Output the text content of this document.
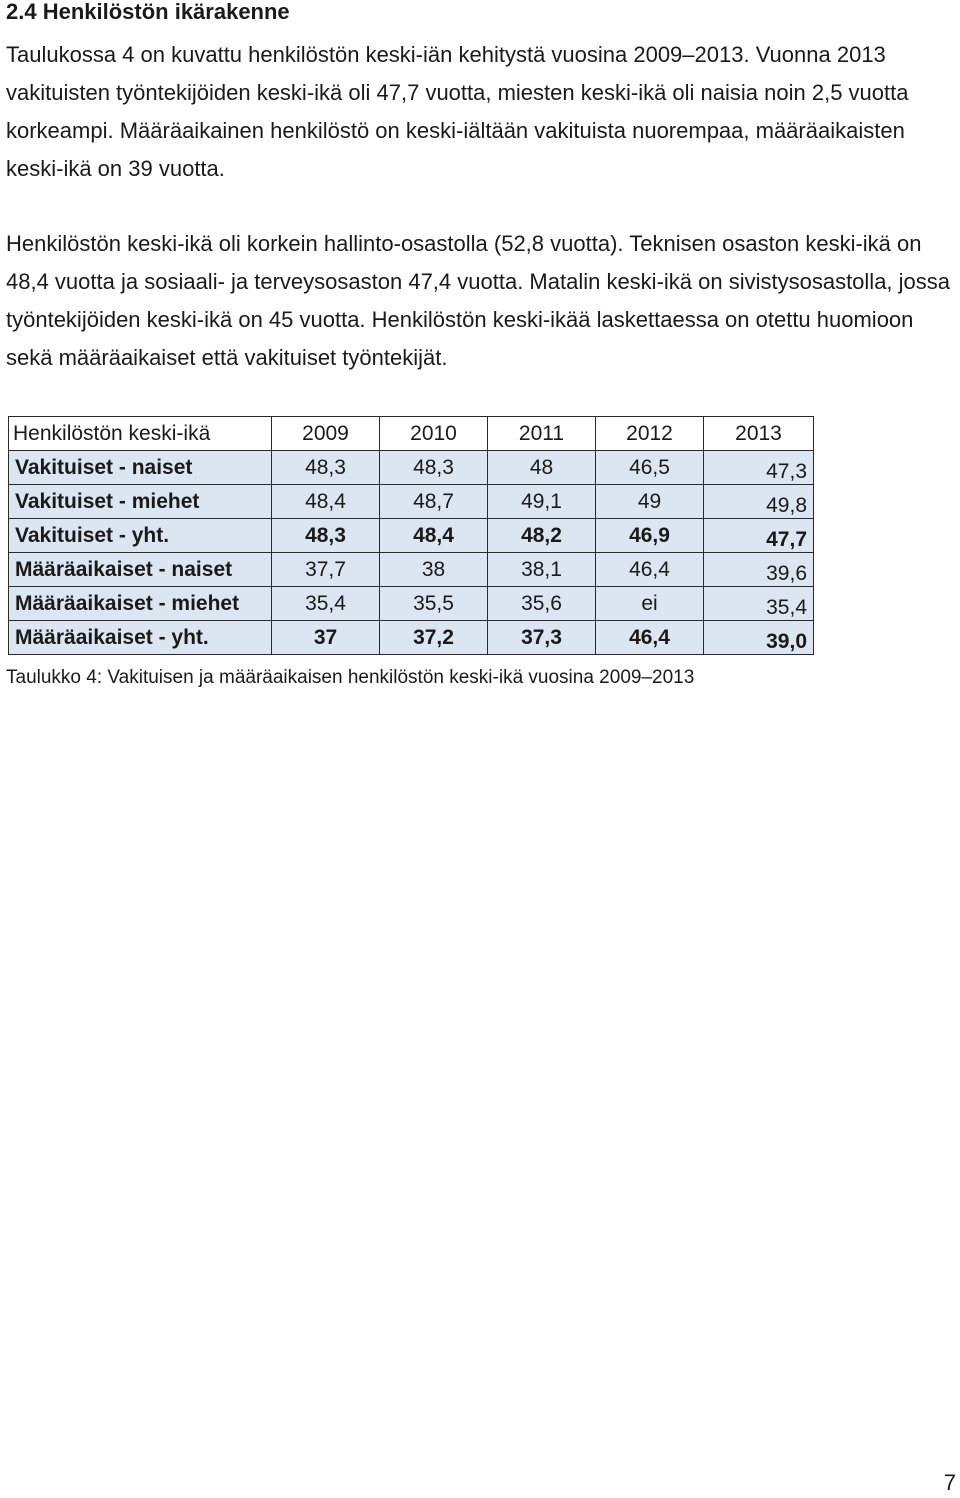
2.4 Henkilöstön ikärakenne

Taulukossa 4 on kuvattu henkilöstön keski-iän kehitystä vuosina 2009–2013. Vuonna 2013 vakituisten työntekijöiden keski-ikä oli 47,7 vuotta, miesten keski-ikä oli naisia noin 2,5 vuotta korkeampi. Määräaikainen henkilöstö on keski-iältään vakituista nuorempaa, määräaikaisten keski-ikä on 39 vuotta.

Henkilöstön keski-ikä oli korkein hallinto-osastolla (52,8 vuotta). Teknisen osaston keski-ikä on 48,4 vuotta ja sosiaali- ja terveysosaston 47,4 vuotta. Matalin keski-ikä on sivistysosastolla, jossa työntekijöiden keski-ikä on 45 vuotta. Henkilöstön keski-ikää laskettaessa on otettu huomioon sekä määräaikaiset että vakituiset työntekijät.

Henkilöstön keski-ikä	2009	2010	2011	2012	2013
Vakituiset - naiset	48,3	48,3	48	46,5	47,3
Vakituiset - miehet	48,4	48,7	49,1	49	49,8
Vakituiset - yht.	48,3	48,4	48,2	46,9	47,7
Määräaikaiset - naiset	37,7	38	38,1	46,4	39,6
Määräaikaiset - miehet	35,4	35,5	35,6	ei	35,4
Määräaikaiset - yht.	37	37,2	37,3	46,4	39,0

Taulukko 4: Vakituisen ja määräaikaisen henkilöstön keski-ikä vuosina 2009–2013

7
